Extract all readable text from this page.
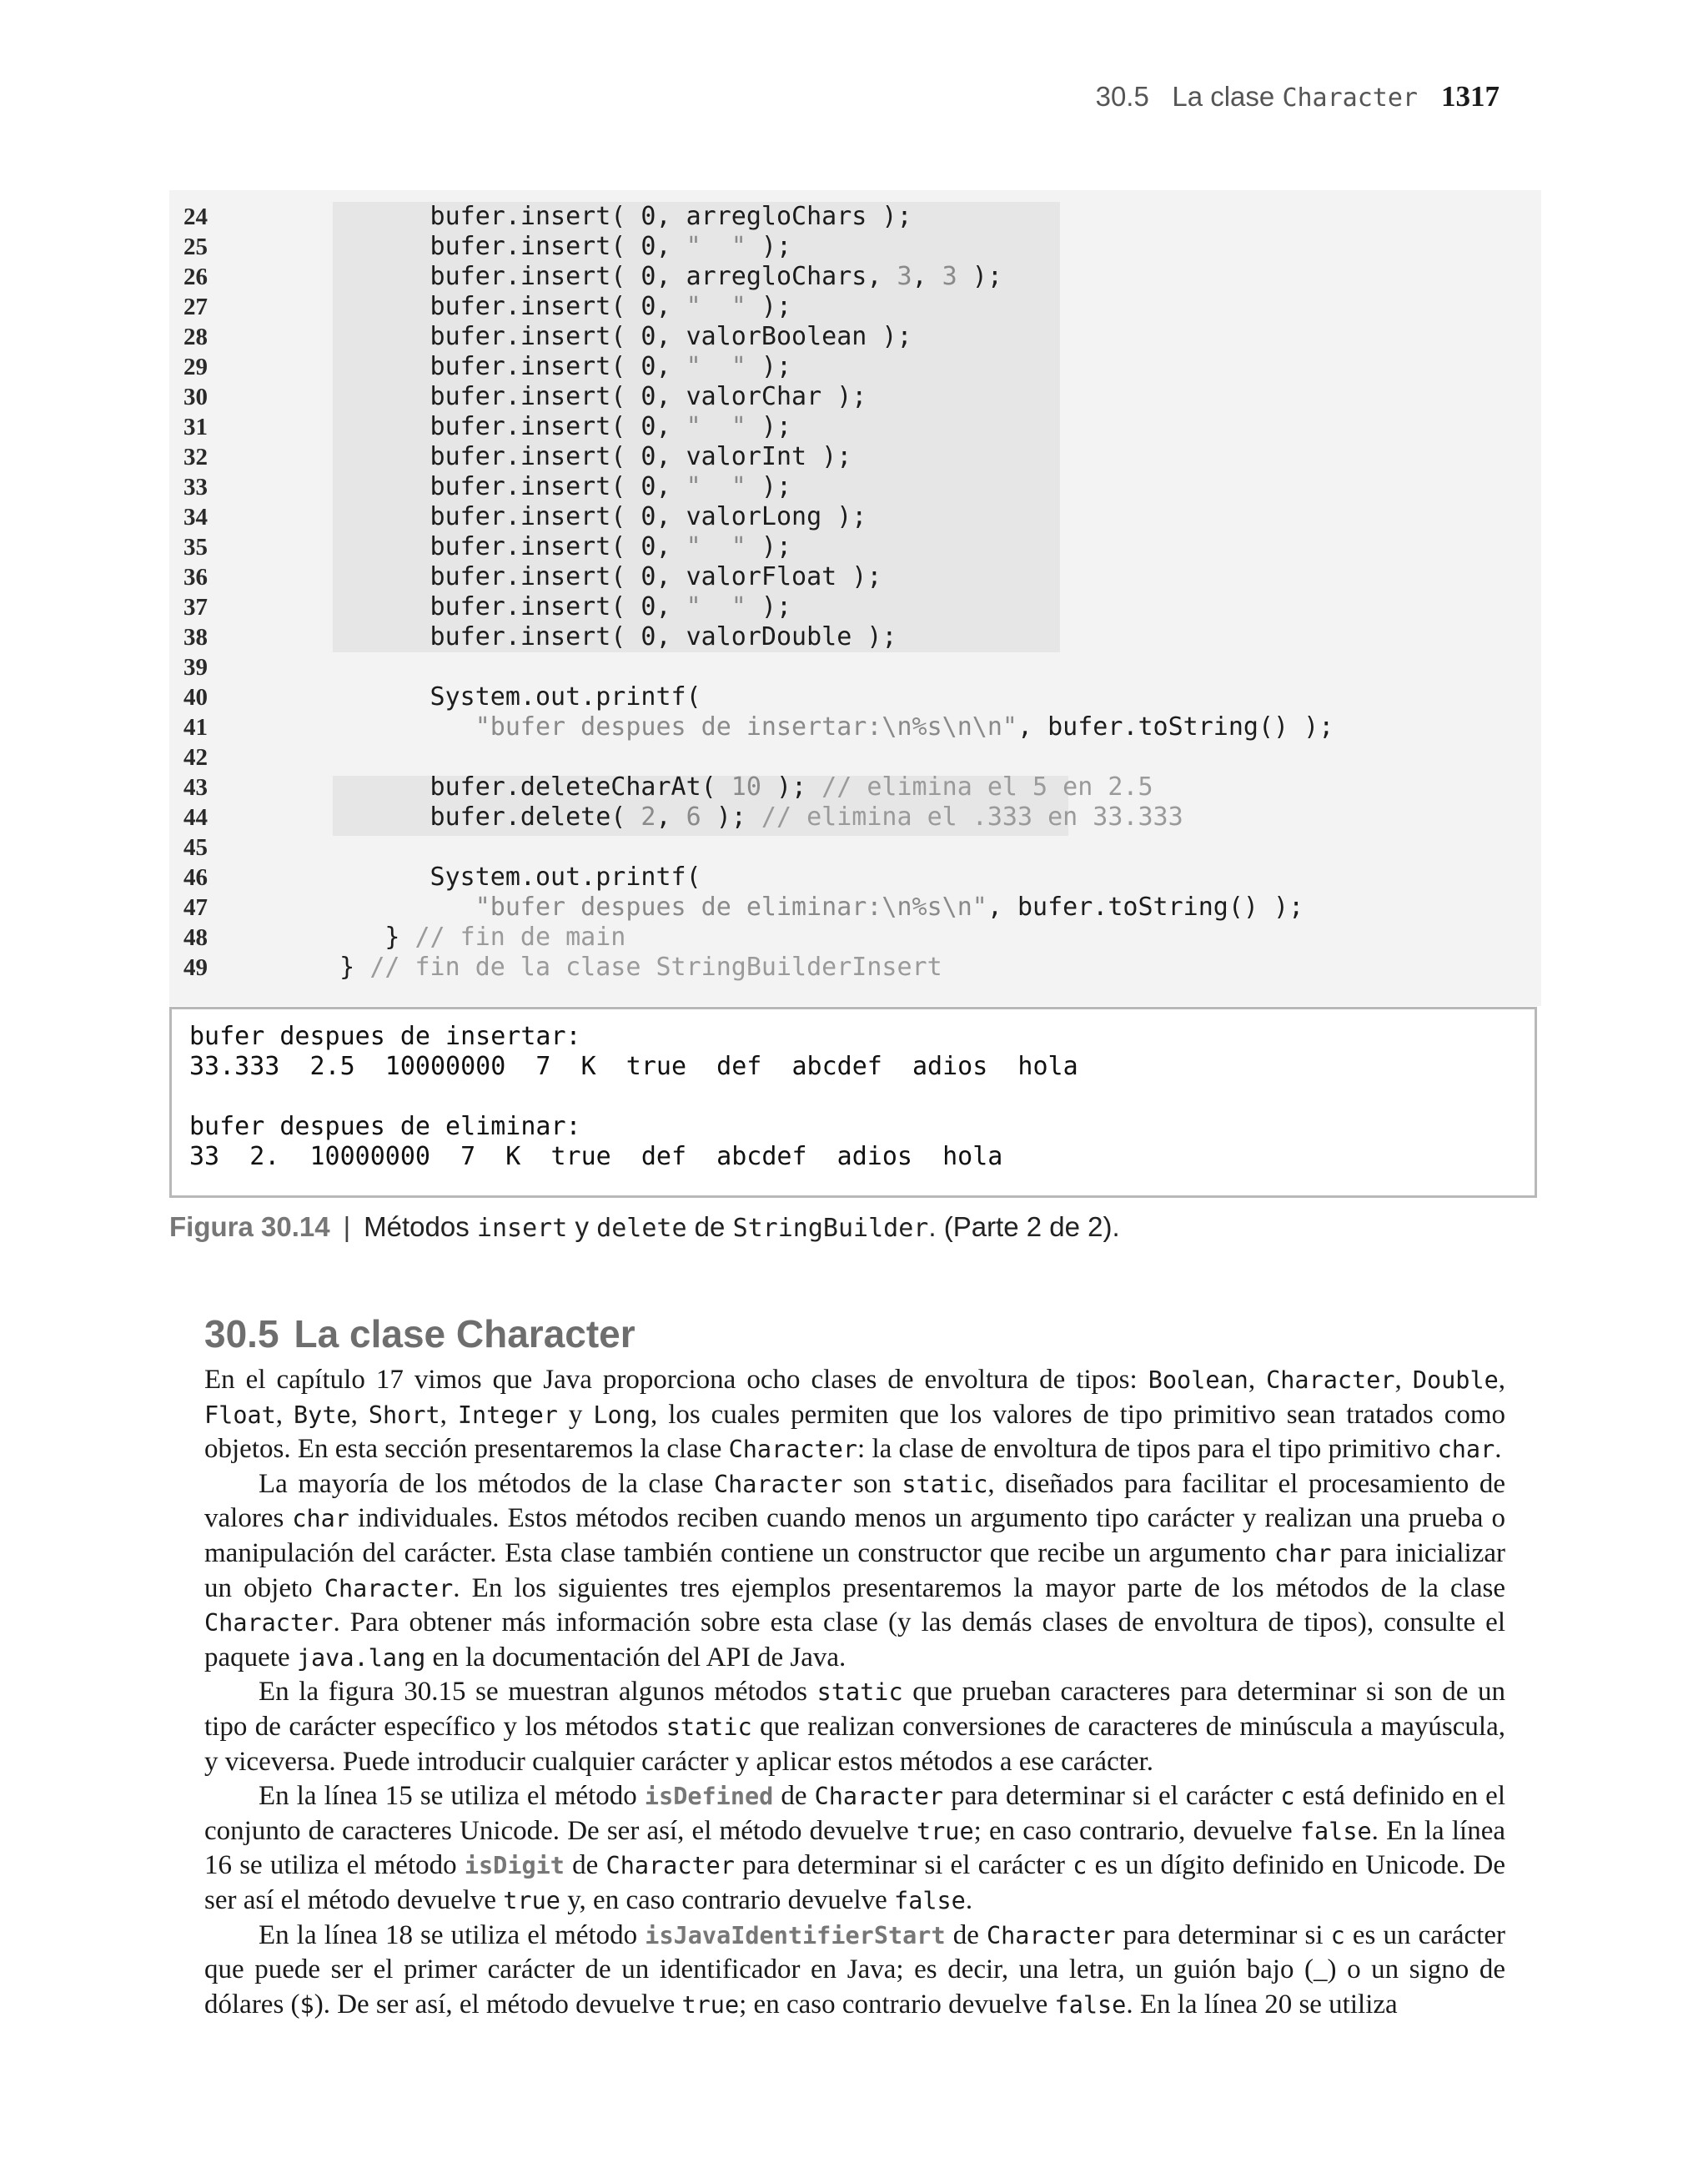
30.5 La clase Character 1317
24	bufer.insert( 0, arregloChars );
25	bufer.insert( 0, "  " );
26	bufer.insert( 0, arregloChars, 3, 3 );
27	bufer.insert( 0, "  " );
28	bufer.insert( 0, valorBoolean );
29	bufer.insert( 0, "  " );
30	bufer.insert( 0, valorChar );
31	bufer.insert( 0, "  " );
32	bufer.insert( 0, valorInt );
33	bufer.insert( 0, "  " );
34	bufer.insert( 0, valorLong );
35	bufer.insert( 0, "  " );
36	bufer.insert( 0, valorFloat );
37	bufer.insert( 0, "  " );
38	bufer.insert( 0, valorDouble );
39
40	System.out.printf(
41	"bufer despues de insertar:\n%s\n\n", bufer.toString() );
42
43	bufer.deleteCharAt( 10 ); // elimina el 5 en 2.5
44	bufer.delete( 2, 6 ); // elimina el .333 en 33.333
45
46	System.out.printf(
47	"bufer despues de eliminar:\n%s\n", bufer.toString() );
48	} // fin de main
49	} // fin de la clase StringBuilderInsert
bufer despues de insertar:
33.333  2.5  10000000  7  K  true  def  abcdef  adios  hola
bufer despues de eliminar:
33  2.  10000000  7  K  true  def  abcdef  adios  hola
Figura 30.14 | Métodos insert y delete de StringBuilder. (Parte 2 de 2).
30.5 La clase Character

En el capítulo 17 vimos que Java proporciona ocho clases de envoltura de tipos: Boolean, Character, Double, Float, Byte, Short, Integer y Long, los cuales permiten que los valores de tipo primitivo sean tratados como objetos. En esta sección presentaremos la clase Character: la clase de envoltura de tipos para el tipo primitivo char.

La mayoría de los métodos de la clase Character son static, diseñados para facilitar el procesamiento de valores char individuales. Estos métodos reciben cuando menos un argumento tipo carácter y realizan una prueba o manipulación del carácter. Esta clase también contiene un constructor que recibe un argumento char para inicializar un objeto Character. En los siguientes tres ejemplos presentaremos la mayor parte de los métodos de la clase Character. Para obtener más información sobre esta clase (y las demás clases de envoltura de tipos), consulte el paquete java.lang en la documentación del API de Java.

En la figura 30.15 se muestran algunos métodos static que prueban caracteres para determinar si son de un tipo de carácter específico y los métodos static que realizan conversiones de caracteres de minúscula a mayúscula, y viceversa. Puede introducir cualquier carácter y aplicar estos métodos a ese carácter.

En la línea 15 se utiliza el método isDefined de Character para determinar si el carácter c está definido en el conjunto de caracteres Unicode. De ser así, el método devuelve true; en caso contrario, devuelve false. En la línea 16 se utiliza el método isDigit de Character para determinar si el carácter c es un dígito definido en Unicode. De ser así el método devuelve true y, en caso contrario devuelve false.

En la línea 18 se utiliza el método isJavaIdentifierStart de Character para determinar si c es un carácter que puede ser el primer carácter de un identificador en Java; es decir, una letra, un guión bajo (_) o un signo de dólares ($). De ser así, el método devuelve true; en caso contrario devuelve false. En la línea 20 se utiliza
